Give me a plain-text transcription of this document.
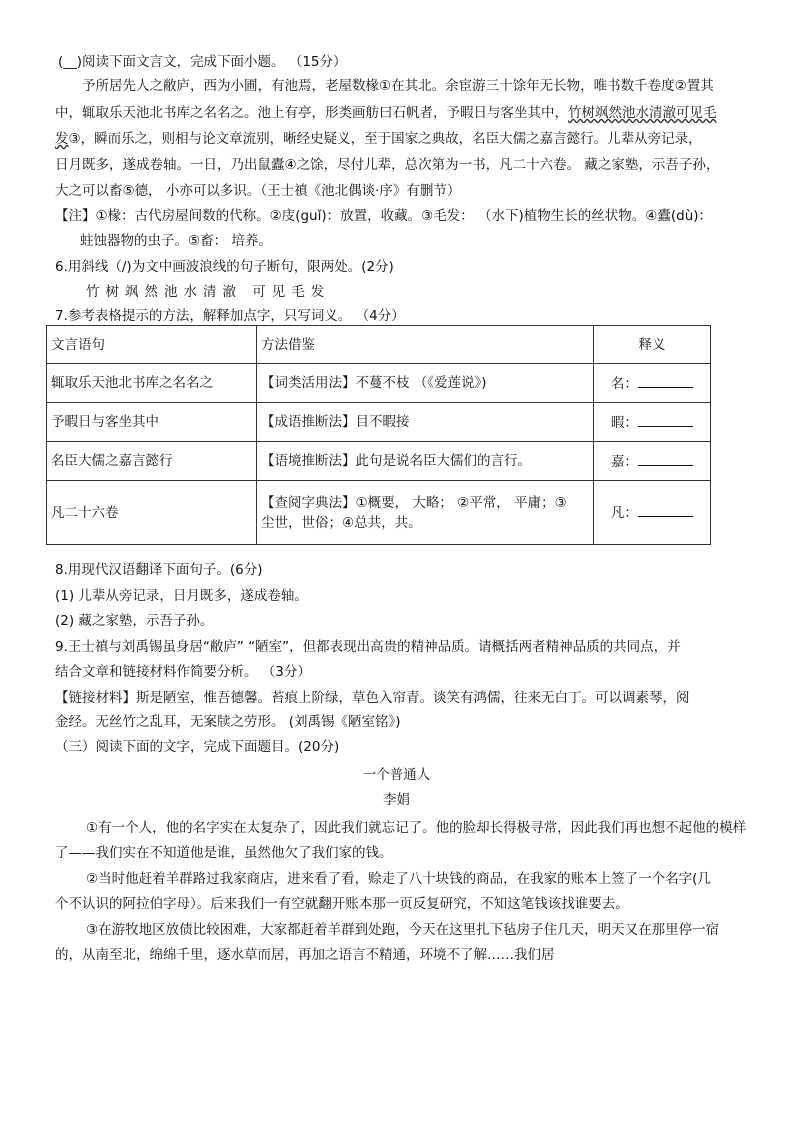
(__)阅读下面文言文，完成下面小题。 （15分）
予所居先人之敝庐，西为小圃，有池焉，老屋数椽①在其北。余宦游三十馀年无长物，唯书数千卷度②置其
中，辄取乐天池北书库之名名之。池上有亭，形类画舫曰石帆者，予暇日与客坐其中，竹树飒然池水清澈可见毛
发③，瞬而乐之，则相与论文章流别，晰经史疑义，至于国家之典故，名臣大儒之嘉言懿行。儿辈从旁记录，
日月既多，遂成卷轴。一日，乃出鼠蠹④之馀，尽付儿辈，总次第为一书，凡二十六卷。 藏之家塾，示吾子孙，
大之可以畜⑤德， 小亦可以多识。（王士禛《池北偶谈·序》有删节）
【注】①椽：古代房屋间数的代称。②庋(guǐ)：放置，收藏。③毛发： （水下)植物生长的丝状物。④蠹(dù)：
蛀蚀器物的虫子。⑤畜： 培养。
6.用斜线（/)为文中画波浪线的句子断句，限两处。(2分)
竹树飒然池水清澈 可见毛发
7.参考表格提示的方法，解释加点字，只写词义。 （4分）
文言语句	方法借鉴	释义
辄取乐天池北书库之名名之	【词类活用法】不蔓不枝 （《爱莲说》)	名：
予暇日与客坐其中	【成语推断法】目不暇接	暇：
名臣大儒之嘉言懿行	【语境推断法】此句是说名臣大儒们的言行。	嘉：
凡二十六卷	【查阅字典法】①概要， 大略； ②平常， 平庸；③
尘世，世俗；④总共，共。	凡：
8.用现代汉语翻译下面句子。(6分)
(1) 儿辈从旁记录，日月既多，遂成卷轴。
(2) 藏之家塾，示吾子孙。
9.王士禛与刘禹锡虽身居“敝庐” “陋室”，但都表现出高贵的精神品质。请概括两者精神品质的共同点，并
结合文章和链接材料作简要分析。 （3分）
【链接材料】斯是陋室，惟吾德馨。苔痕上阶绿，草色入帘青。谈笑有鸿儒，往来无白丁。可以调素琴，阅
金经。无丝竹之乱耳，无案牍之劳形。 (刘禹锡《陋室铭》)
（三）阅读下面的文字，完成下面题目。(20分)
一个普通人
李娟
①有一个人，他的名字实在太复杂了，因此我们就忘记了。他的脸却长得极寻常，因此我们再也想不起他的模样
了——我们实在不知道他是谁，虽然他欠了我们家的钱。
②当时他赶着羊群路过我家商店，进来看了看，赊走了八十块钱的商品，在我家的账本上签了一个名字(几
个不认识的阿拉伯字母）。后来我们一有空就翻开账本那一页反复研究，不知这笔钱该找谁要去。
③在游牧地区放债比较困难，大家都赶着羊群到处跑，今天在这里扎下毡房子住几天，明天又在那里停一宿
的，从南至北，绵绵千里，逐水草而居，再加之语言不精通，环境不了解……我们居
